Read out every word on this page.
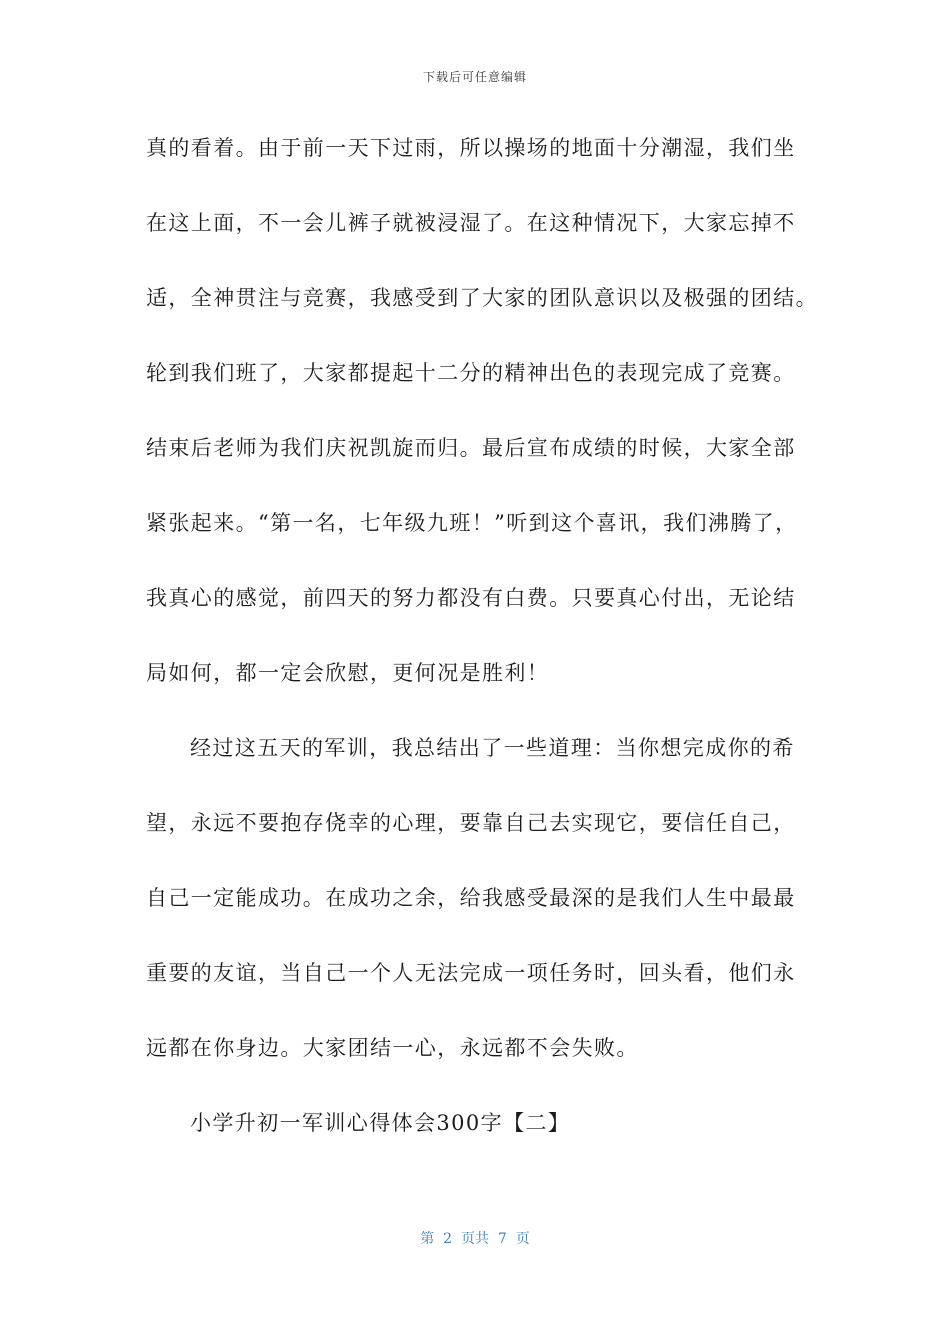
下载后可任意编辑
真的看着。由于前一天下过雨，所以操场的地面十分潮湿，我们坐
在这上面，不一会儿裤子就被浸湿了。在这种情况下，大家忘掉不
适，全神贯注与竞赛，我感受到了大家的团队意识以及极强的团结。
轮到我们班了，大家都提起十二分的精神出色的表现完成了竞赛。
结束后老师为我们庆祝凯旋而归。最后宣布成绩的时候，大家全部
紧张起来。“第一名，七年级九班！”听到这个喜讯，我们沸腾了，
我真心的感觉，前四天的努力都没有白费。只要真心付出，无论结
局如何，都一定会欣慰，更何况是胜利！
经过这五天的军训，我总结出了一些道理：当你想完成你的希
望，永远不要抱存侥幸的心理，要靠自己去实现它，要信任自己，
自己一定能成功。在成功之余，给我感受最深的是我们人生中最最
重要的友谊，当自己一个人无法完成一项任务时，回头看，他们永
远都在你身边。大家团结一心，永远都不会失败。
小学升初一军训心得体会300字【二】
第  2  页共  7  页
